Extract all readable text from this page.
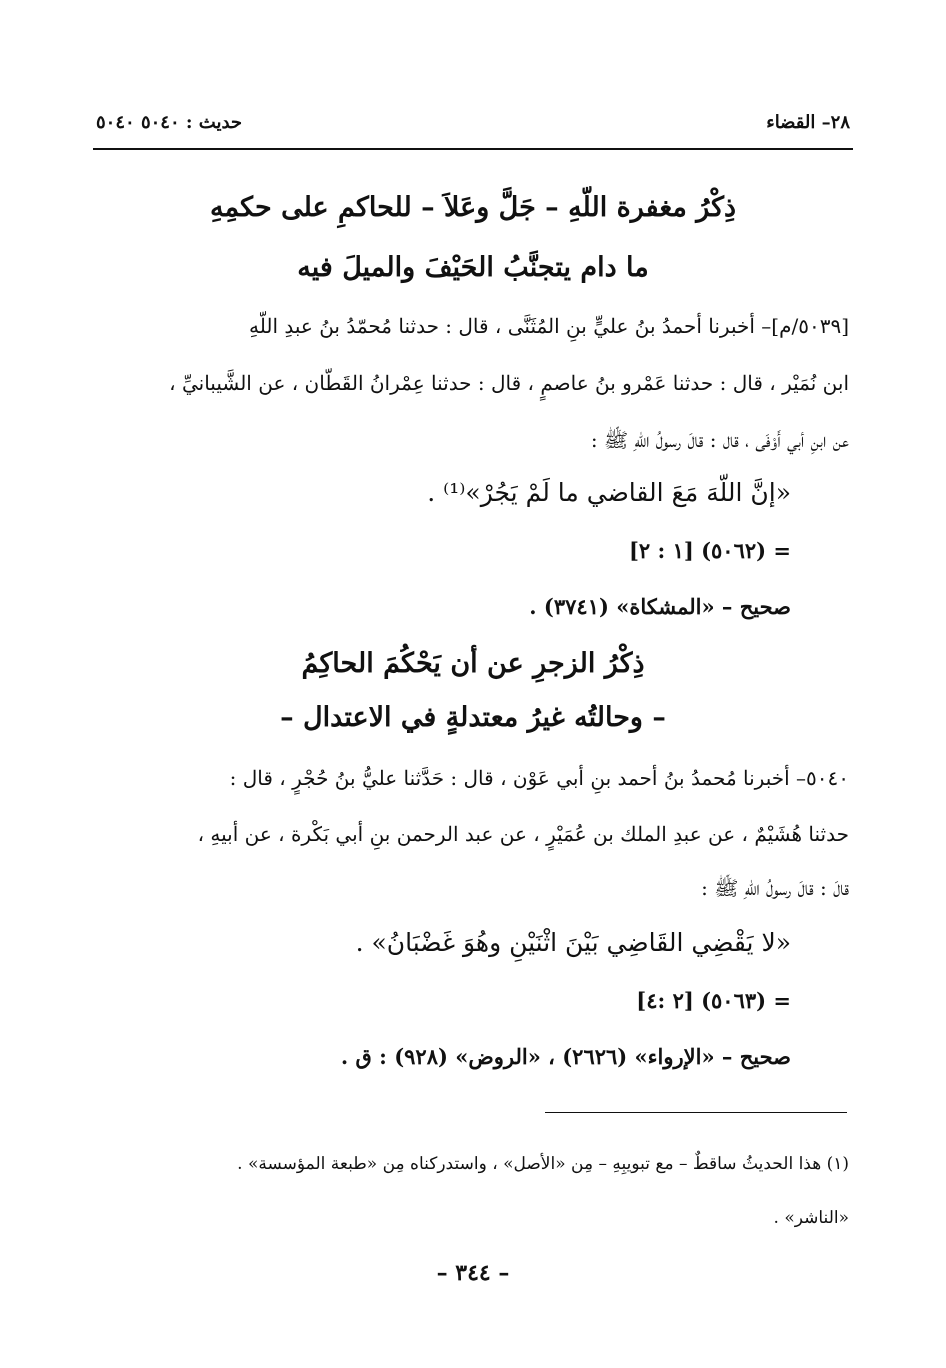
٢٨– القضاء
حديث : ٥٠٤٠ ٥٠٤٠
ذِكْرُ مغفرة اللّهِ – جَلَّ وعَلاَ – للحاكمِ على حكمِهِ
ما دام يتجنَّبُ الحَيْفَ والميلَ فيه
[٥٠٣٩/م]– أخبرنا أحمدُ بنُ عليٍّ بنِ المُثَنَّى ، قال : حدثنا مُحمّدُ بنُ عبدِ اللّهِ
ابن نُمَيْر ، قال : حدثنا عَمْرو بنُ عاصمٍ ، قال : حدثنا عِمْرانُ القَطّان ، عن الشَّيبانيِّ ،
عن ابنِ أبي أَوْفَى ، قال : قالَ رسولُ اللّهِ ﷺ :
«إنَّ اللّهَ مَعَ القاضي ما لَمْ يَجُرْ»⁽¹⁾ .
= (٥٠٦٢) [١ : ٢]
صحيح – «المشكاة» (٣٧٤١) .
ذِكْرُ الزجرِ عن أن يَحْكُمَ الحاكِمُ
– وحالتُه غيرُ معتدلةٍ في الاعتدال –
٥٠٤٠– أخبرنا مُحمدُ بنُ أحمد بنِ أبي عَوْن ، قال : حَدَّثنا عليُّ بنُ حُجْرٍ ، قال :
حدثنا هُشَيْمٌ ، عن عبدِ الملك بن عُمَيْرٍ ، عن عبد الرحمن بنِ أبي بَكْرة ، عن أبيهِ ،
قالَ : قالَ رسولُ اللّهِ ﷺ :
«لا يَقْضِي القَاضِي بَيْنَ اثْنَيْنِ وهُوَ غَضْبَانُ» .
= (٥٠٦٣) [٢ :٤]
صحيح – «الإرواء» (٢٦٢٦) ، «الروض» (٩٢٨) : ق .
(١) هذا الحديثُ ساقطٌ – مع تبويبِهِ – مِن «الأصل» ، واستدركناه مِن «طبعة المؤسسة» .
«الناشر» .
– ٣٤٤ –
